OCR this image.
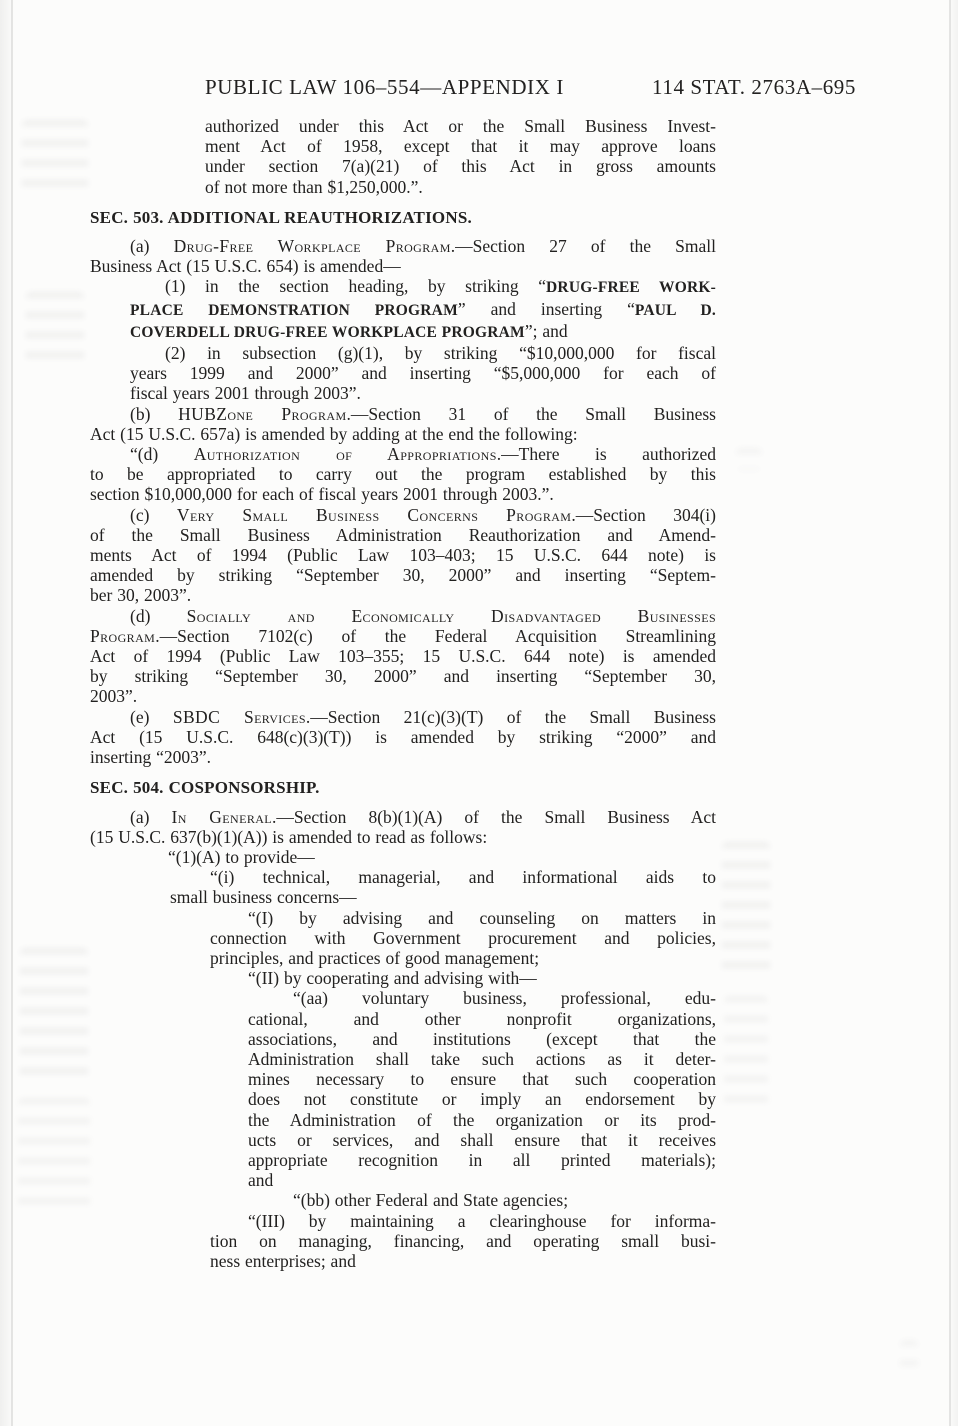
PUBLIC LAW 106–554—APPENDIX I	114 STAT. 2763A–695
authorized under this Act or the Small Business Invest-
ment Act of 1958, except that it may approve loans
under section 7(a)(21) of this Act in gross amounts
of not more than $1,250,000.”.
SEC. 503. ADDITIONAL REAUTHORIZATIONS.
(a) Drug-Free Workplace Program.—Section 27 of the Small
Business Act (15 U.S.C. 654) is amended—
(1) in the section heading, by striking “DRUG-FREE WORK-
PLACE DEMONSTRATION PROGRAM” and inserting “PAUL D.
COVERDELL DRUG-FREE WORKPLACE PROGRAM”; and
(2) in subsection (g)(1), by striking “$10,000,000 for fiscal
years 1999 and 2000” and inserting “$5,000,000 for each of
fiscal years 2001 through 2003”.
(b) HUBZone Program.—Section 31 of the Small Business
Act (15 U.S.C. 657a) is amended by adding at the end the following:
“(d) Authorization of Appropriations.—There is authorized
to be appropriated to carry out the program established by this
section $10,000,000 for each of fiscal years 2001 through 2003.”.
(c) Very Small Business Concerns Program.—Section 304(i)
of the Small Business Administration Reauthorization and Amend-
ments Act of 1994 (Public Law 103–403; 15 U.S.C. 644 note) is
amended by striking “September 30, 2000” and inserting “Septem-
ber 30, 2003”.
(d) Socially and Economically Disadvantaged Businesses
Program.—Section 7102(c) of the Federal Acquisition Streamlining
Act of 1994 (Public Law 103–355; 15 U.S.C. 644 note) is amended
by striking “September 30, 2000” and inserting “September 30,
2003”.
(e) SBDC Services.—Section 21(c)(3)(T) of the Small Business
Act (15 U.S.C. 648(c)(3)(T)) is amended by striking “2000” and
inserting “2003”.
SEC. 504. COSPONSORSHIP.
(a) In General.—Section 8(b)(1)(A) of the Small Business Act
(15 U.S.C. 637(b)(1)(A)) is amended to read as follows:
“(1)(A) to provide—
“(i) technical, managerial, and informational aids to
small business concerns—
“(I) by advising and counseling on matters in
connection with Government procurement and policies,
principles, and practices of good management;
“(II) by cooperating and advising with—
“(aa) voluntary business, professional, edu-
cational, and other nonprofit organizations,
associations, and institutions (except that the
Administration shall take such actions as it deter-
mines necessary to ensure that such cooperation
does not constitute or imply an endorsement by
the Administration of the organization or its prod-
ucts or services, and shall ensure that it receives
appropriate recognition in all printed materials);
and
“(bb) other Federal and State agencies;
“(III) by maintaining a clearinghouse for informa-
tion on managing, financing, and operating small busi-
ness enterprises; and
